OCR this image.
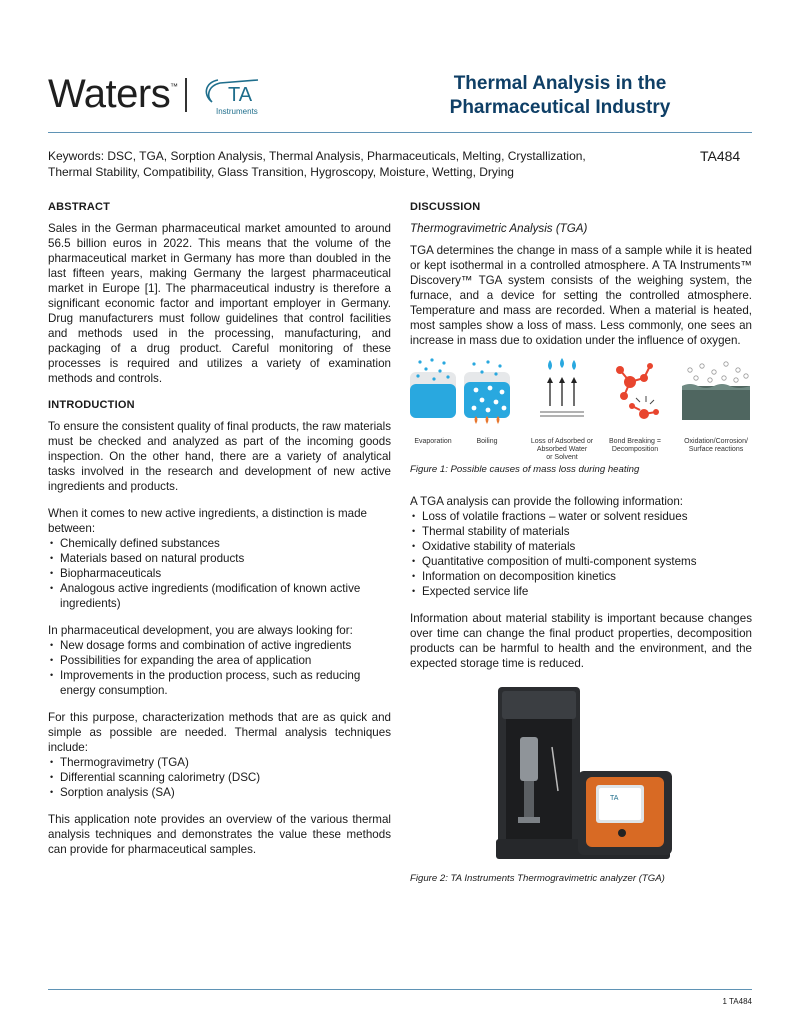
Waters ™	TA
Instruments
Thermal Analysis in the
Pharmaceutical Industry
Keywords: DSC, TGA, Sorption Analysis, Thermal Analysis, Pharmaceuticals, Melting, Crystallization,
Thermal Stability, Compatibility, Glass Transition, Hygroscopy, Moisture, Wetting, Drying
TA484
ABSTRACT

Sales in the German pharmaceutical market amounted to around 56.5 billion euros in 2022. This means that the volume of the pharmaceutical market in Germany has more than doubled in the last fifteen years, making Germany the largest pharmaceutical market in Europe [1]. The pharmaceutical industry is therefore a significant economic factor and important employer in Germany. Drug manufacturers must follow guidelines that control facilities and methods used in the processing, manufacturing, and packaging of a drug product. Careful monitoring of these processes is required and utilizes a variety of examination methods and controls.

INTRODUCTION

To ensure the consistent quality of final products, the raw materials must be checked and analyzed as part of the incoming goods inspection. On the other hand, there are a variety of analytical tasks involved in the research and development of new active ingredients and products.

When it comes to new active ingredients, a distinction is made between:

• Chemically defined substances
• Materials based on natural products
• Biopharmaceuticals
• Analogous active ingredients (modification of known active ingredients)

In pharmaceutical development, you are always looking for:

• New dosage forms and combination of active ingredients
• Possibilities for expanding the area of application
• Improvements in the production process, such as reducing energy consumption.

For this purpose, characterization methods that are as quick and simple as possible are needed. Thermal analysis techniques include:

• Thermogravimetry (TGA)
• Differential scanning calorimetry (DSC)
• Sorption analysis (SA)

This application note provides an overview of the various thermal analysis techniques and demonstrates the value these methods can provide for pharmaceutical samples.

DISCUSSION

Thermogravimetric Analysis (TGA)

TGA determines the change in mass of a sample while it is heated or kept isothermal in a controlled atmosphere. A TA Instruments™ Discovery™ TGA system consists of the weighing system, the furnace, and a device for setting the controlled atmosphere. Temperature and mass are recorded. When a material is heated, most samples show a loss of mass. Less commonly, one sees an increase in mass due to oxidation under the influence of oxygen.

Evaporation	Boiling	Loss of Adsorbed or
Absorbed Water
or Solvent
Bond Breaking =
Decomposition
Oxidation/Corrosion/
Surface reactions

Figure 1: Possible causes of mass loss during heating

A TGA analysis can provide the following information:

• Loss of volatile fractions – water or solvent residues
• Thermal stability of materials
• Oxidative stability of materials
• Quantitative composition of multi-component systems
• Information on decomposition kinetics
• Expected service life

Information about material stability is important because changes over time can change the final product properties, decomposition products can be harmful to health and the environment, and the expected storage time is reduced.

TA

Figure 2: TA Instruments Thermogravimetric analyzer (TGA)

1 TA484
